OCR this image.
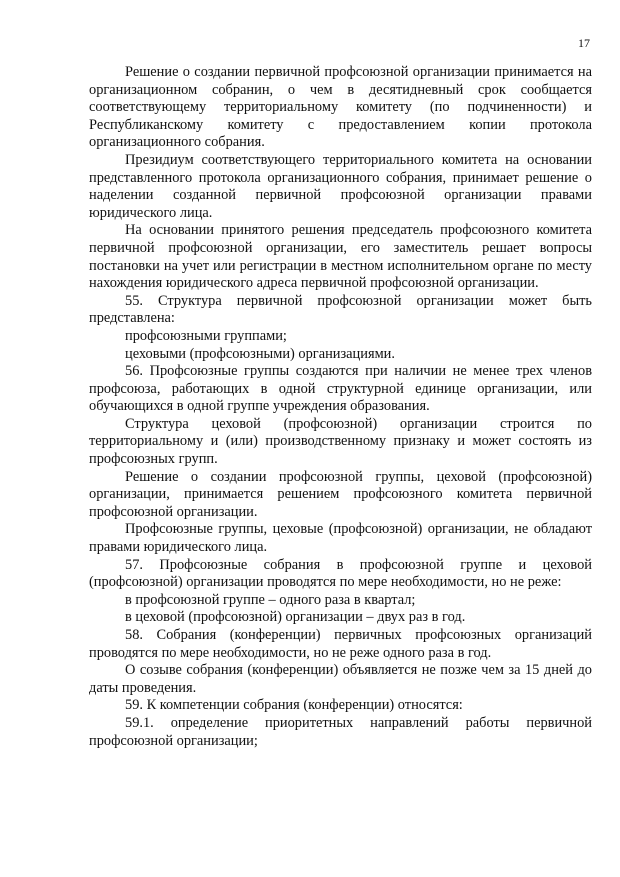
17

Решение о создании первичной профсоюзной организации принимается на организационном собранин, о чем в десятидневный срок сообщается соответствующему территориальному комитету (по подчиненности) и Республиканскому комитету с предоставлением копии протокола организационного собрания.

Президиум соответствующего территориального комитета на основании представленного протокола организационного собрания, принимает решение о наделении созданной первичной профсоюзной организации правами юридического лица.

На основании принятого решения председатель профсоюзного комитета первичной профсоюзной организации, его заместитель решает вопросы постановки на учет или регистрации в местном исполнительном органе по месту нахождения юридического адреса первичной профсоюзной организации.

55. Структура первичной профсоюзной организации может быть представлена:

профсоюзными группами;

цеховыми (профсоюзными) организациями.

56. Профсоюзные группы создаются при наличии не менее трех членов профсоюза, работающих в одной структурной единице организации, или обучающихся в одной группе учреждения образования.

Структура цеховой (профсоюзной) организации строится по территориальному и (или) производственному признаку и может состоять из профсоюзных групп.

Решение о создании профсоюзной группы, цеховой (профсоюзной) организации, принимается решением профсоюзного комитета первичной профсоюзной организации.

Профсоюзные группы, цеховые (профсоюзной) организации, не обладают правами юридического лица.

57. Профсоюзные собрания в профсоюзной группе и цеховой (профсоюзной) организации проводятся по мере необходимости, но не реже:

в профсоюзной группе – одного раза в квартал;

в цеховой (профсоюзной) организации – двух раз в год.

58. Собрания (конференции) первичных профсоюзных организаций проводятся по мере необходимости, но не реже одного раза в год.

О созыве собрания (конференции) объявляется не позже чем за 15 дней до даты проведения.

59. К компетенции собрания (конференции) относятся:

59.1. определение приоритетных направлений работы первичной профсоюзной организации;
